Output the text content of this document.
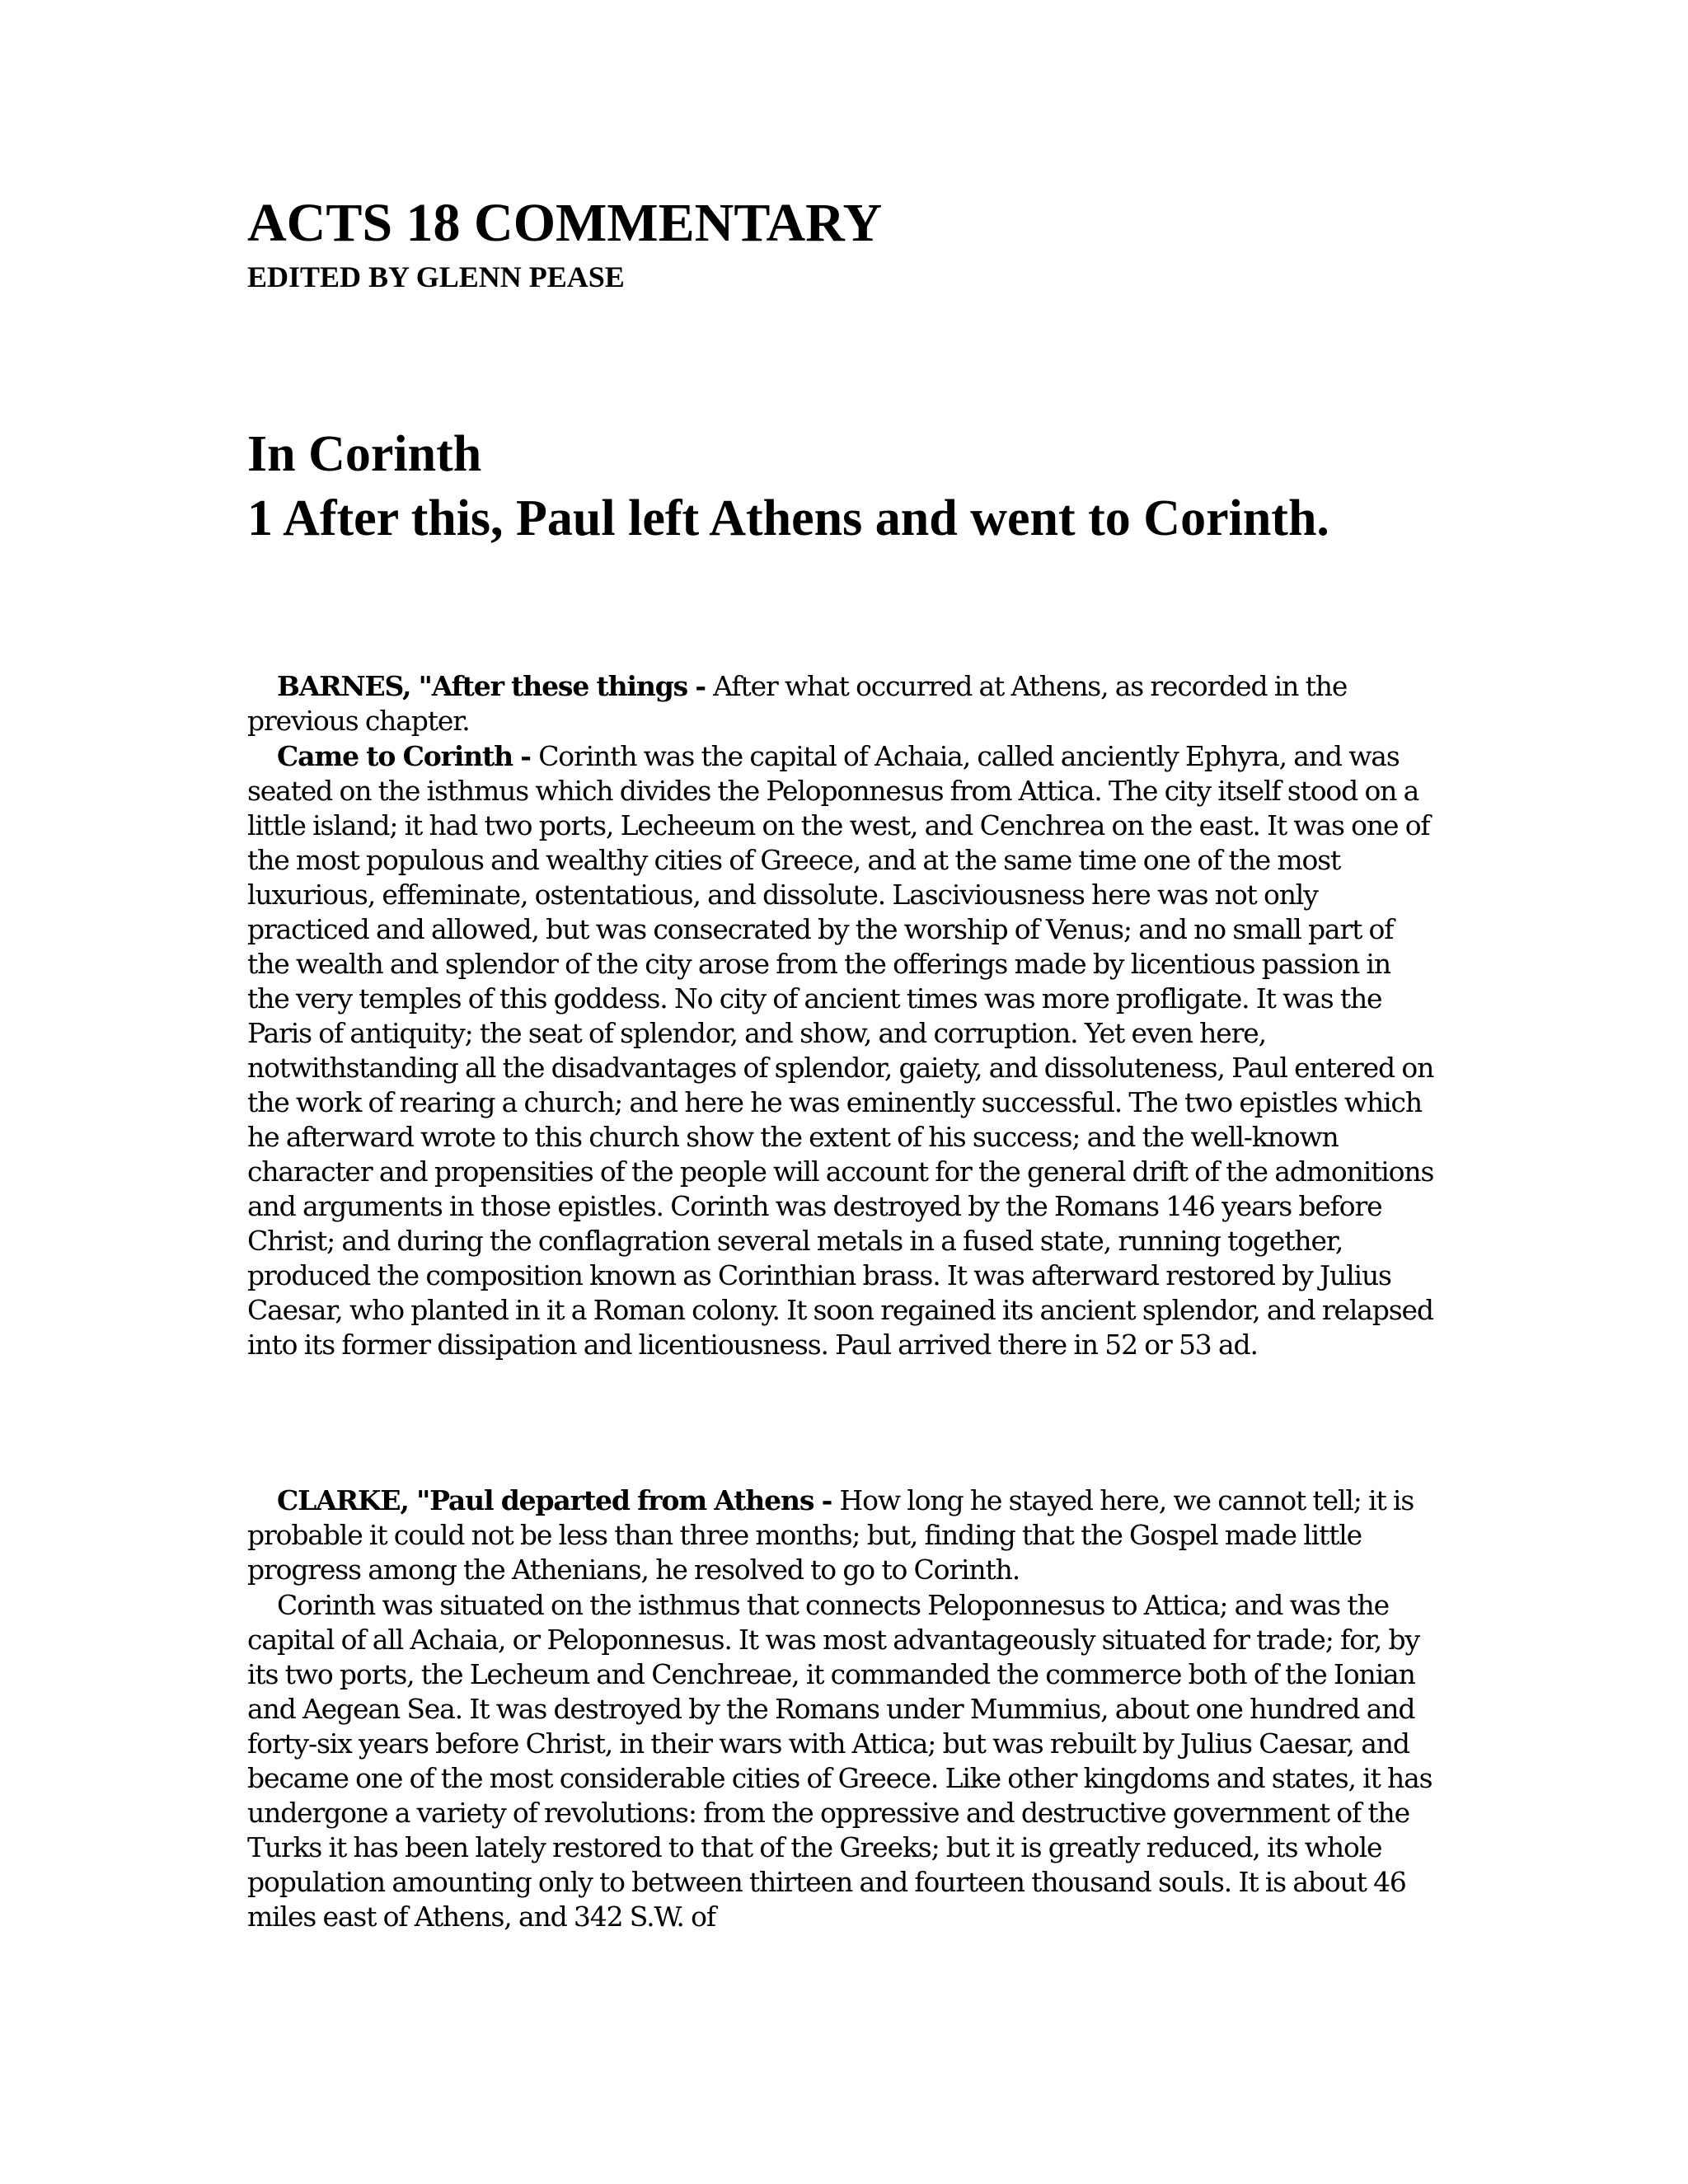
ACTS 18 COMMENTARY
EDITED BY GLENN PEASE
In Corinth
1 After this, Paul left Athens and went to Corinth.

BARNES, "After these things - After what occurred at Athens, as recorded in the previous chapter.

Came to Corinth - Corinth was the capital of Achaia, called anciently Ephyra, and was seated on the isthmus which divides the Peloponnesus from Attica. The city itself stood on a little island; it had two ports, Lecheeum on the west, and Cenchrea on the east. It was one of the most populous and wealthy cities of Greece, and at the same time one of the most luxurious, effeminate, ostentatious, and dissolute. Lasciviousness here was not only practiced and allowed, but was consecrated by the worship of Venus; and no small part of the wealth and splendor of the city arose from the offerings made by licentious passion in the very temples of this goddess. No city of ancient times was more profligate. It was the Paris of antiquity; the seat of splendor, and show, and corruption. Yet even here, notwithstanding all the disadvantages of splendor, gaiety, and dissoluteness, Paul entered on the work of rearing a church; and here he was eminently successful. The two epistles which he afterward wrote to this church show the extent of his success; and the well-known character and propensities of the people will account for the general drift of the admonitions and arguments in those epistles. Corinth was destroyed by the Romans 146 years before Christ; and during the conflagration several metals in a fused state, running together, produced the composition known as Corinthian brass. It was afterward restored by Julius Caesar, who planted in it a Roman colony. It soon regained its ancient splendor, and relapsed into its former dissipation and licentiousness. Paul arrived there in 52 or 53 ad.

CLARKE, "Paul departed from Athens - How long he stayed here, we cannot tell; it is probable it could not be less than three months; but, finding that the Gospel made little progress among the Athenians, he resolved to go to Corinth.

Corinth was situated on the isthmus that connects Peloponnesus to Attica; and was the capital of all Achaia, or Peloponnesus. It was most advantageously situated for trade; for, by its two ports, the Lecheum and Cenchreae, it commanded the commerce both of the Ionian and Aegean Sea. It was destroyed by the Romans under Mummius, about one hundred and forty-six years before Christ, in their wars with Attica; but was rebuilt by Julius Caesar, and became one of the most considerable cities of Greece. Like other kingdoms and states, it has undergone a variety of revolutions: from the oppressive and destructive government of the Turks it has been lately restored to that of the Greeks; but it is greatly reduced, its whole population amounting only to between thirteen and fourteen thousand souls. It is about 46 miles east of Athens, and 342 S.W. of
